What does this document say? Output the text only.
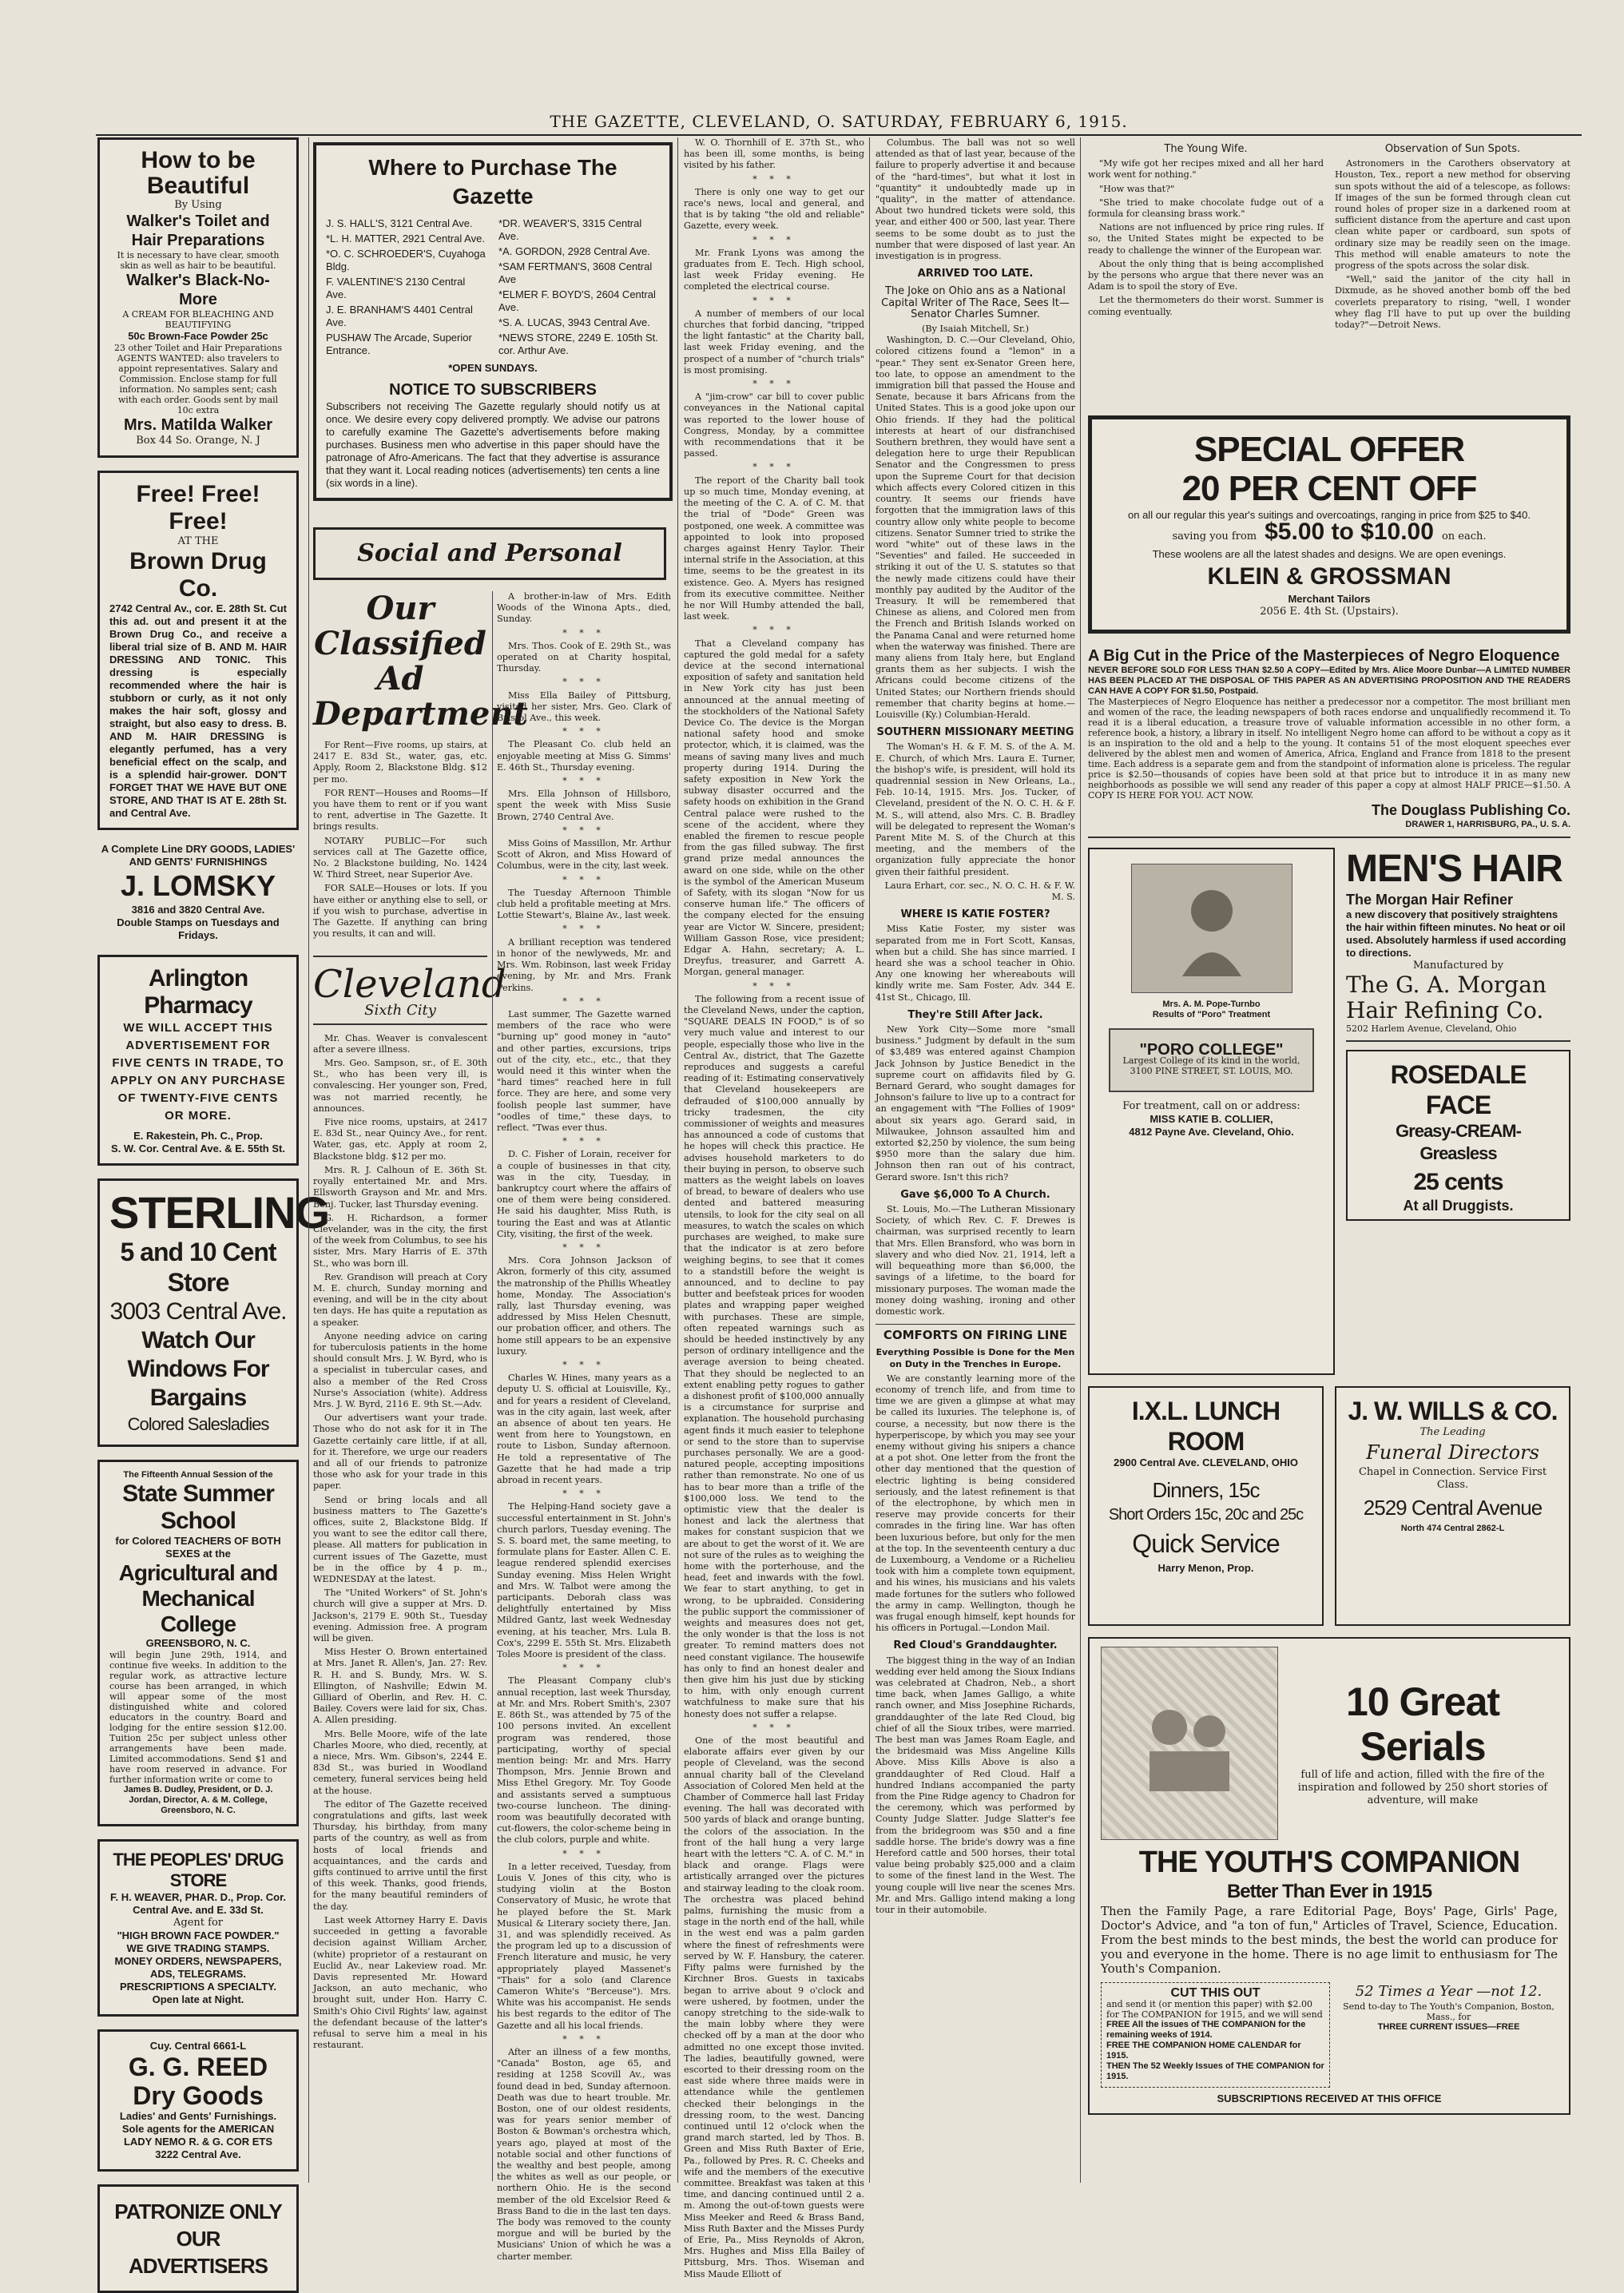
THE GAZETTE, CLEVELAND, O. SATURDAY, FEBRUARY 6, 1915.
How to be Beautiful
By Using
Walker's Toilet and Hair Preparations
It is necessary to have clear, smooth skin as well as hair to be beautiful.
Walker's Black-No-More
A CREAM FOR BLEACHING AND BEAUTIFYING
50c Brown-Face Powder 25c
23 other Toilet and Hair Preparations
AGENTS WANTED: also travelers to appoint representatives. Salary and Commission. Enclose stamp for full information. No samples sent; cash with each order. Goods sent by mail 10c extra
Mrs. Matilda Walker
Box 44 So. Orange, N. J
Free! Free! Free!
AT THE
Brown Drug Co.
2742 Central Av., cor. E. 28th St. Cut this ad. out and present it at the Brown Drug Co., and receive a liberal trial size of B. AND M. HAIR DRESSING AND TONIC. This dressing is especially recommended where the hair is stubborn or curly, as it not only makes the hair soft, glossy and straight, but also easy to dress. B. AND M. HAIR DRESSING is elegantly perfumed, has a very beneficial effect on the scalp, and is a splendid hair-grower. DON'T FORGET THAT WE HAVE BUT ONE STORE, AND THAT IS AT E. 28th St. and Central Ave.
A Complete Line DRY GOODS, LADIES' AND GENTS' FURNISHINGS
J. LOMSKY
3816 and 3820 Central Ave.
Double Stamps on Tuesdays and Fridays.
Arlington Pharmacy
WE WILL ACCEPT THIS ADVERTISEMENT FOR FIVE CENTS IN TRADE, TO APPLY ON ANY PURCHASE OF TWENTY-FIVE CENTS OR MORE.
E. Rakestein, Ph. C., Prop.
S. W. Cor. Central Ave. & E. 55th St.
STERLING
5 and 10 Cent Store
3003 Central Ave.
Watch Our Windows For Bargains
Colored Salesladies
The Fifteenth Annual Session of the
State Summer School
for Colored TEACHERS OF BOTH SEXES at the
Agricultural and Mechanical College
GREENSBORO, N. C.
will begin June 29th, 1914, and continue five weeks. In addition to the regular work, as attractive lecture course has been arranged, in which will appear some of the most distinguished white and colored educators in the country. Board and lodging for the entire session $12.00. Tuition 25c per subject unless other arrangements have been made. Limited accommodations. Send $1 and have room reserved in advance. For further information write or come to
James B. Dudley, President, or D. J. Jordan, Director, A. & M. College, Greensboro, N. C.
THE PEOPLES' DRUG STORE
F. H. WEAVER, PHAR. D., Prop. Cor. Central Ave. and E. 33d St.
Agent for
"HIGH BROWN FACE POWDER." WE GIVE TRADING STAMPS. MONEY ORDERS, NEWSPAPERS, ADS, TELEGRAMS. PRESCRIPTIONS A SPECIALTY. Open late at Night.
Cuy. Central 6661-L
G. G. REED Dry Goods
Ladies' and Gents' Furnishings. Sole agents for the AMERICAN LADY NEMO R. & G. COR ETS
3222 Central Ave.
PATRONIZE ONLY OUR ADVERTISERS
Where to Purchase The Gazette
J. S. HALL'S, 3121 Central Ave.
*L. H. MATTER, 2921 Central Ave.
*O. C. SCHROEDER'S, Cuyahoga Bldg.
F. VALENTINE'S 2130 Central Ave.
J. E. BRANHAM'S 4401 Central Ave.
PUSHAW The Arcade, Superior Entrance.
*DR. WEAVER'S, 3315 Central Ave.
*A. GORDON, 2928 Central Ave.
*SAM FERTMAN'S, 3608 Central Ave
*ELMER F. BOYD'S, 2604 Central Ave.
*S. A. LUCAS, 3943 Central Ave.
*NEWS STORE, 2249 E. 105th St. cor. Arthur Ave.
*OPEN SUNDAYS.
NOTICE TO SUBSCRIBERS
Subscribers not receiving The Gazette regularly should notify us at once. We desire every copy delivered promptly. We advise our patrons to carefully examine The Gazette's advertisements before making purchases. Business men who advertise in this paper should have the patronage of Afro-Americans. The fact that they advertise is assurance that they want it. Local reading notices (advertisements) ten cents a line (six words in a line).
Social and Personal
Our Classified Ad Department
For Rent—Five rooms, up stairs, at 2417 E. 83d St., water, gas, etc. Apply, Room 2, Blackstone Bldg. $12 per mo.
FOR RENT—Houses and Rooms—If you have them to rent or if you want to rent, advertise in The Gazette. It brings results.
NOTARY PUBLIC—For such services call at The Gazette office, No. 2 Blackstone building, No. 1424 W. Third Street, near Superior Ave.
FOR SALE—Houses or lots. If you have either or anything else to sell, or if you wish to purchase, advertise in The Gazette. If anything can bring you results, it can and will.
Cleveland
Sixth City
Mr. Chas. Weaver is convalescent after a severe illness.
Mrs. Geo. Sampson, sr., of E. 30th St., who has been very ill, is convalescing. Her younger son, Fred, was not married recently, he announces.
Five nice rooms, upstairs, at 2417 E. 83d St., near Quincy Ave., for rent. Water, gas, etc. Apply at room 2, Blackstone bldg. $12 per mo.
Mrs. R. J. Calhoun of E. 36th St. royally entertained Mr. and Mrs. Ellsworth Grayson and Mr. and Mrs. Benj. Tucker, last Thursday evening.
G. H. Richardson, a former Clevelander, was in the city, the first of the week from Columbus, to see his sister, Mrs. Mary Harris of E. 37th St., who was born ill.
Rev. Grandison will preach at Cory M. E. church, Sunday morning and evening, and will be in the city about ten days. He has quite a reputation as a speaker.
Anyone needing advice on caring for tuberculosis patients in the home should consult Mrs. J. W. Byrd, who is a specialist in tubercular cases, and also a member of the Red Cross Nurse's Association (white). Address Mrs. J. W. Byrd, 2116 E. 9th St.—Adv.
Our advertisers want your trade. Those who do not ask for it in The Gazette certainly care little, if at all, for it. Therefore, we urge our readers and all of our friends to patronize those who ask for your trade in this paper.
Send or bring locals and all business matters to The Gazette's offices, suite 2, Blackstone Bldg. If you want to see the editor call there, please. All matters for publication in current issues of The Gazette, must be in the office by 4 p. m., WEDNESDAY at the latest.
The "United Workers" of St. John's church will give a supper at Mrs. D. Jackson's, 2179 E. 90th St., Tuesday evening. Admission free. A program will be given.
Miss Hester O. Brown entertained at Mrs. Janet R. Allen's, Jan. 27: Rev. R. H. and S. Bundy, Mrs. W. S. Ellington, of Nashville; Edwin M. Gilliard of Oberlin, and Rev. H. C. Bailey. Covers were laid for six, Chas. A. Allen presiding.
Mrs. Belle Moore, wife of the late Charles Moore, who died, recently, at a niece, Mrs. Wm. Gibson's, 2244 E. 83d St., was buried in Woodland cemetery, funeral services being held at the house.
The editor of The Gazette received congratulations and gifts, last week Thursday, his birthday, from many parts of the country, as well as from hosts of local friends and acquaintances, and the cards and gifts continued to arrive until the first of this week. Thanks, good friends, for the many beautiful reminders of the day.
Last week Attorney Harry E. Davis succeeded in getting a favorable decision against William Archer, (white) proprietor of a restaurant on Euclid Av., near Lakeview road. Mr. Davis represented Mr. Howard Jackson, an auto mechanic, who brought suit, under Hon. Harry C. Smith's Ohio Civil Rights' law, against the defendant because of the latter's refusal to serve him a meal in his restaurant.
A brother-in-law of Mrs. Edith Woods of the Winona Apts., died, Sunday.
* * *
Mrs. Thos. Cook of E. 29th St., was operated on at Charity hospital, Thursday.
* * *
Miss Ella Bailey of Pittsburg, visited her sister, Mrs. Geo. Clark of Bristol Ave., this week.
* * *
The Pleasant Co. club held an enjoyable meeting at Miss G. Simms' E. 46th St., Thursday evening.
* * *
Mrs. Ella Johnson of Hillsboro, spent the week with Miss Susie Brown, 2740 Central Ave.
* * *
Miss Goins of Massillon, Mr. Arthur Scott of Akron, and Miss Howard of Columbus, were in the city, last week.
* * *
The Tuesday Afternoon Thimble club held a profitable meeting at Mrs. Lottie Stewart's, Blaine Av., last week.
* * *
A brilliant reception was tendered in honor of the newlyweds, Mr. and Mrs. Wm. Robinson, last week Friday evening, by Mr. and Mrs. Frank Perkins.
* * *
Last summer, The Gazette warned members of the race who were "burning up" good money in "auto" and other parties, excursions, trips out of the city, etc., etc., that they would need it this winter when the "hard times" reached here in full force. They are here, and some very foolish people last summer, have "oodles of time," these days, to reflect. "Twas ever thus.
* * *
D. C. Fisher of Lorain, receiver for a couple of businesses in that city, was in the city, Tuesday, in bankruptcy court where the affairs of one of them were being considered. He said his daughter, Miss Ruth, is touring the East and was at Atlantic City, visiting, the first of the week.
* * *
Mrs. Cora Johnson Jackson of Akron, formerly of this city, assumed the matronship of the Phillis Wheatley home, Monday. The Association's rally, last Thursday evening, was addressed by Miss Helen Chesnutt, our probation officer, and others. The home still appears to be an expensive luxury.
* * *
Charles W. Hines, many years as a deputy U. S. official at Louisville, Ky., and for years a resident of Cleveland, was in the city again, last week, after an absence of about ten years. He went from here to Youngstown, en route to Lisbon, Sunday afternoon. He told a representative of The Gazette that he had made a trip abroad in recent years.
* * *
The Helping-Hand society gave a successful entertainment in St. John's church parlors, Tuesday evening. The S. S. board met, the same meeting, to formulate plans for Easter. Allen C. E. league rendered splendid exercises Sunday evening. Miss Helen Wright and Mrs. W. Talbot were among the participants. Deborah class was delightfully entertained by Miss Mildred Gantz, last week Wednesday evening, at his teacher, Mrs. Lula B. Cox's, 2299 E. 55th St. Mrs. Elizabeth Toles Moore is president of the class.
* * *
The Pleasant Company club's annual reception, last week Thursday, at Mr. and Mrs. Robert Smith's, 2307 E. 86th St., was attended by 75 of the 100 persons invited. An excellent program was rendered, those participating, worthy of special mention being: Mr. and Mrs. Harry Thompson, Mrs. Jennie Brown and Miss Ethel Gregory. Mr. Toy Goode and assistants served a sumptuous two-course luncheon. The dining-room was beautifully decorated with cut-flowers, the color-scheme being in the club colors, purple and white.
* * *
In a letter received, Tuesday, from Louis V. Jones of this city, who is studying violin at the Boston Conservatory of Music, he wrote that he played before the St. Mark Musical & Literary society there, Jan. 31, and was splendidly received. As the program led up to a discussion of French literature and music, he very appropriately played Massenet's "Thais" for a solo (and Clarence Cameron White's "Berceuse"). Mrs. White was his accompanist. He sends his best regards to the editor of The Gazette and all his local friends.
* * *
After an illness of a few months, "Canada" Boston, age 65, and residing at 1258 Scovill Av., was found dead in bed, Sunday afternoon. Death was due to heart trouble. Mr. Boston, one of our oldest residents, was for years senior member of Boston & Bowman's orchestra which, years ago, played at most of the notable social and other functions of the wealthy and best people, among the whites as well as our people, or northern Ohio. He is the second member of the old Excelsior Reed & Brass Band to die in the last ten days. The body was removed to the county morgue and will be buried by the Musicians' Union of which he was a charter member.
W. O. Thornhill of E. 37th St., who has been ill, some months, is being visited by his father.
* * *
There is only one way to get our race's news, local and general, and that is by taking "the old and reliable" Gazette, every week.
* * *
Mr. Frank Lyons was among the graduates from E. Tech. High school, last week Friday evening. He completed the electrical course.
* * *
A number of members of our local churches that forbid dancing, "tripped the light fantastic" at the Charity ball, last week Friday evening, and the prospect of a number of "church trials" is most promising.
* * *
A "jim-crow" car bill to cover public conveyances in the National capital was reported to the lower house of Congress, Monday, by a committee with recommendations that it be passed.
* * *
The report of the Charity ball took up so much time, Monday evening, at the meeting of the C. A. of C. M. that the trial of "Dode" Green was postponed, one week. A committee was appointed to look into proposed charges against Henry Taylor. Their internal strife in the Association, at this time, seems to be the greatest in its existence. Geo. A. Myers has resigned from its executive committee. Neither he nor Will Humby attended the ball, last week.
* * *
That a Cleveland company has captured the gold medal for a safety device at the second international exposition of safety and sanitation held in New York city has just been announced at the annual meeting of the stockholders of the National Safety Device Co. The device is the Morgan national safety hood and smoke protector, which, it is claimed, was the means of saving many lives and much property during 1914. During the safety exposition in New York the subway disaster occurred and the safety hoods on exhibition in the Grand Central palace were rushed to the scene of the accident, where they enabled the firemen to rescue people from the gas filled subway. The first grand prize medal announces the award on one side, while on the other is the symbol of the American Museum of Safety, with its slogan "Now for us conserve human life." The officers of the company elected for the ensuing year are Victor W. Sincere, president; William Gasson Rose, vice president; Edgar A. Hahn, secretary; A. L. Dreyfus, treasurer, and Garrett A. Morgan, general manager.
* * *
The following from a recent issue of the Cleveland News, under the caption, "SQUARE DEALS IN FOOD," is of so very much value and interest to our people, especially those who live in the Central Av., district, that The Gazette reproduces and suggests a careful reading of it: Estimating conservatively that Cleveland housekeepers are defrauded of $100,000 annually by tricky tradesmen, the city commissioner of weights and measures has announced a code of customs that he hopes will check this practice. He advises household marketers to do their buying in person, to observe such matters as the weight labels on loaves of bread, to beware of dealers who use dented and battered measuring utensils, to look for the city seal on all measures, to watch the scales on which purchases are weighed, to make sure that the indicator is at zero before weighing begins, to see that it comes to a standstill before the weight is announced, and to decline to pay butter and beefsteak prices for wooden plates and wrapping paper weighed with purchases. These are simple, often repeated warnings such as should be heeded instinctively by any person of ordinary intelligence and the average aversion to being cheated. That they should be neglected to an extent enabling petty rogues to gather a dishonest profit of $100,000 annually is a circumstance for surprise and explanation. The household purchasing agent finds it much easier to telephone or send to the store than to supervise purchases personally. We are a good-natured people, accepting impositions rather than remonstrate. No one of us has to bear more than a trifle of the $100,000 loss. We tend to the optimistic view that the dealer is honest and lack the alertness that makes for constant suspicion that we are about to get the worst of it. We are not sure of the rules as to weighing the home with the porterhouse, and the head, feet and inwards with the fowl. We fear to start anything, to get in wrong, to be upbraided. Considering the public support the commissioner of weights and measures does not get, the only wonder is that the loss is not greater. To remind matters does not need constant vigilance. The housewife has only to find an honest dealer and then give him his just due by sticking to him, with only enough current watchfulness to make sure that his honesty does not suffer a relapse.
* * *
One of the most beautiful and elaborate affairs ever given by our people of Cleveland, was the second annual charity ball of the Cleveland Association of Colored Men held at the Chamber of Commerce hall last Friday evening. The hall was decorated with 500 yards of black and orange bunting, the colors of the association. In the front of the hall hung a very large heart with the letters "C. A. of C. M." in black and orange. Flags were artistically arranged over the pictures and stairway leading to the cloak room. The orchestra was placed behind palms, furnishing the music from a stage in the north end of the hall, while in the west end was a palm garden where the finest of refreshments were served by W. F. Hansbury, the caterer. Fifty palms were furnished by the Kirchner Bros. Guests in taxicabs began to arrive about 9 o'clock and were ushered, by footmen, under the canopy stretching to the side-walk to the main lobby where they were checked off by a man at the door who admitted no one except those invited. The ladies, beautifully gowned, were escorted to their dressing room on the east side where three maids were in attendance while the gentlemen checked their belongings in the dressing room, to the west. Dancing continued until 12 o'clock when the grand march started, led by Thos. B. Green and Miss Ruth Baxter of Erie, Pa., followed by Pres. R. C. Cheeks and wife and the members of the executive committee. Breakfast was taken at this time, and dancing continued until 2 a. m. Among the out-of-town guests were Miss Meeker and Reed & Brass Band, Miss Ruth Baxter and the Misses Purdy of Erie, Pa., Miss Reynolds of Akron, Mrs. Hughes and Miss Ella Bailey of Pittsburg, Mrs. Thos. Wiseman and Miss Maude Elliott of
Columbus. The ball was not so well attended as that of last year, because of the failure to properly advertise it and because of the "hard-times", but what it lost in "quantity" it undoubtedly made up in "quality", in the matter of attendance. About two hundred tickets were sold, this year, and either 400 or 500, last year. There seems to be some doubt as to just the number that were disposed of last year. An investigation is in progress.
ARRIVED TOO LATE.
The Joke on Ohio ans as a National Capital Writer of The Race, Sees It—Senator Charles Sumner.
(By Isaiah Mitchell, Sr.)
Washington, D. C.—Our Cleveland, Ohio, colored citizens found a "lemon" in a "pear." They sent ex-Senator Green here, too late, to oppose an amendment to the immigration bill that passed the House and Senate, because it bars Africans from the United States. This is a good joke upon our Ohio friends. If they had the political interests at heart of our disfranchised Southern brethren, they would have sent a delegation here to urge their Republican Senator and the Congressmen to press upon the Supreme Court for that decision which affects every Colored citizen in this country. It seems our friends have forgotten that the immigration laws of this country allow only white people to become citizens. Senator Sumner tried to strike the word "white" out of these laws in the "Seventies" and failed. He succeeded in striking it out of the U. S. statutes so that the newly made citizens could have their monthly pay audited by the Auditor of the Treasury. It will be remembered that Chinese as aliens, and Colored men from the French and British Islands worked on the Panama Canal and were returned home when the waterway was finished. There are many aliens from Italy here, but England grants them as her subjects. I wish the Africans could become citizens of the United States; our Northern friends should remember that charity begins at home.—Louisville (Ky.) Columbian-Herald.
SOUTHERN MISSIONARY MEETING
The Woman's H. & F. M. S. of the A. M. E. Church, of which Mrs. Laura E. Turner, the bishop's wife, is president, will hold its quadrennial session in New Orleans, La., Feb. 10-14, 1915. Mrs. Jos. Tucker, of Cleveland, president of the N. O. C. H. & F. M. S., will attend, also Mrs. C. B. Bradley will be delegated to represent the Woman's Parent Mite M. S. of the Church at this meeting, and the members of the organization fully appreciate the honor given their faithful president.
Laura Erhart, cor. sec., N. O. C. H. & F. W. M. S.
WHERE IS KATIE FOSTER?
Miss Katie Foster, my sister was separated from me in Fort Scott, Kansas, when but a child. She has since married. I heard she was a school teacher in Ohio. Any one knowing her whereabouts will kindly write me. Sam Foster, Adv. 344 E. 41st St., Chicago, Ill.
They're Still After Jack.
New York City—Some more "small business." Judgment by default in the sum of $3,489 was entered against Champion Jack Johnson by Justice Benedict in the supreme court on affidavits filed by G. Bernard Gerard, who sought damages for Johnson's failure to live up to a contract for an engagement with "The Follies of 1909" about six years ago. Gerard said, in Milwaukee, Johnson assaulted him and extorted $2,250 by violence, the sum being $950 more than the salary due him. Johnson then ran out of his contract, Gerard swore. Isn't this rich?
Gave $6,000 To A Church.
St. Louis, Mo.—The Lutheran Missionary Society, of which Rev. C. F. Drewes is chairman, was surprised recently to learn that Mrs. Ellen Bransford, who was born in slavery and who died Nov. 21, 1914, left a will bequeathing more than $6,000, the savings of a lifetime, to the board for missionary purposes. The woman made the money doing washing, ironing and other domestic work.
COMFORTS ON FIRING LINE
Everything Possible is Done for the Men on Duty in the Trenches in Europe.
We are constantly learning more of the economy of trench life, and from time to time we are given a glimpse at what may be called its luxuries. The telephone is, of course, a necessity, but now there is the hyperperiscope, by which you may see your enemy without giving his snipers a chance at a pot shot. One letter from the front the other day mentioned that the question of electric lighting is being considered seriously, and the latest refinement is that of the electrophone, by which men in reserve may provide concerts for their comrades in the firing line. War has often been luxurious before, but only for the men at the top. In the seventeenth century a duc de Luxembourg, a Vendome or a Richelieu took with him a complete town equipment, and his wines, his musicians and his valets made fortunes for the sutlers who followed the army in camp. Wellington, though he was frugal enough himself, kept hounds for his officers in Portugal.—London Mail.
Red Cloud's Granddaughter.
The biggest thing in the way of an Indian wedding ever held among the Sioux Indians was celebrated at Chadron, Neb., a short time back, when James Galligo, a white ranch owner, and Miss Josephine Richards, granddaughter of the late Red Cloud, big chief of all the Sioux tribes, were married. The best man was James Roam Eagle, and the bridesmaid was Miss Angeline Kills Above. Miss Kills Above is also a granddaughter of Red Cloud. Half a hundred Indians accompanied the party from the Pine Ridge agency to Chadron for the ceremony, which was performed by County Judge Slatter. Judge Slatter's fee from the bridegroom was $50 and a fine saddle horse. The bride's dowry was a fine Hereford cattle and 500 horses, their total value being probably $25,000 and a claim to some of the finest land in the West. The young couple will live near the scenes Mrs. Mr. and Mrs. Galligo intend making a long tour in their automobile.
The Young Wife.
"My wife got her recipes mixed and all her hard work went for nothing."
"How was that?"
"She tried to make chocolate fudge out of a formula for cleansing brass work."
Nations are not influenced by price ring rules. If so, the United States might be expected to be ready to challenge the winner of the European war.
About the only thing that is being accomplished by the persons who argue that there never was an Adam is to spoil the story of Eve.
Let the thermometers do their worst. Summer is coming eventually.
Observation of Sun Spots.
Astronomers in the Carothers observatory at Houston, Tex., report a new method for observing sun spots without the aid of a telescope, as follows: If images of the sun be formed through clean cut round holes of proper size in a darkened room at sufficient distance from the aperture and cast upon clean white paper or cardboard, sun spots of ordinary size may be readily seen on the image. This method will enable amateurs to note the progress of the spots across the solar disk.
"Well," said the janitor of the city hall in Dixmude, as he shoved another bomb off the bed coverlets preparatory to rising, "well, I wonder whey flag I'll have to put up over the building today?"—Detroit News.
SPECIAL OFFER
20 PER CENT OFF
on all our regular this year's suitings and overcoatings, ranging in price from $25 to $40.
saving you from $5.00 to $10.00 on each.
These woolens are all the latest shades and designs. We are open evenings.
KLEIN & GROSSMAN
Merchant Tailors
2056 E. 4th St. (Upstairs).
A Big Cut in the Price of the Masterpieces of Negro Eloquence
NEVER BEFORE SOLD FOR LESS THAN $2.50 A COPY—Edited by Mrs. Alice Moore Dunbar—A LIMITED NUMBER HAS BEEN PLACED AT THE DISPOSAL OF THIS PAPER AS AN ADVERTISING PROPOSITION AND THE READERS CAN HAVE A COPY FOR $1.50, Postpaid.
The Masterpieces of Negro Eloquence has neither a predecessor nor a competitor. The most brilliant men and women of the race, the leading newspapers of both races endorse and unqualifiedly recommend it. To read it is a liberal education, a treasure trove of valuable information accessible in no other form, a reference book, a history, a library in itself. No intelligent Negro home can afford to be without a copy as it is an inspiration to the old and a help to the young. It contains 51 of the most eloquent speeches ever delivered by the ablest men and women of America, Africa, England and France from 1818 to the present time. Each address is a separate gem and from the standpoint of information alone is priceless. The regular price is $2.50—thousands of copies have been sold at that price but to introduce it in as many new neighborhoods as possible we will send any reader of this paper a copy at almost HALF PRICE—$1.50. A COPY IS HERE FOR YOU. ACT NOW.
The Douglass Publishing Co.
DRAWER 1, HARRISBURG, PA., U. S. A.
Mrs. A. M. Pope-Turnbo
Results of "Poro" Treatment
"PORO COLLEGE"
Largest College of its kind in the world, 3100 PINE STREET, ST. LOUIS, MO.
For treatment, call on or address:
MISS KATIE B. COLLIER,
4812 Payne Ave. Cleveland, Ohio.
MEN'S HAIR
The Morgan Hair Refiner
a new discovery that positively straightens the hair within fifteen minutes. No heat or oil used. Absolutely harmless if used according to directions.
Manufactured by
The G. A. Morgan Hair Refining Co.
5202 Harlem Avenue, Cleveland, Ohio
ROSEDALE
FACE
Greasy-CREAM-Greasless
25 cents
At all Druggists.
I.X.L. LUNCH ROOM
2900 Central Ave. CLEVELAND, OHIO
Dinners, 15c
Short Orders 15c, 20c and 25c
Quick Service
Harry Menon, Prop.
J. W. WILLS & CO.
The Leading
Funeral Directors
Chapel in Connection. Service First Class.
2529 Central Avenue
North 474 Central 2862-L
10 Great Serials
full of life and action, filled with the fire of the inspiration and followed by 250 short stories of adventure, will make
THE YOUTH'S COMPANION
Better Than Ever in 1915
Then the Family Page, a rare Editorial Page, Boys' Page, Girls' Page, Doctor's Advice, and "a ton of fun," Articles of Travel, Science, Education. From the best minds to the best minds, the best the world can produce for you and everyone in the home. There is no age limit to enthusiasm for The Youth's Companion.
CUT THIS OUT
and send it (or mention this paper) with $2.00 for The COMPANION for 1915, and we will send
FREE All the issues of THE COMPANION for the remaining weeks of 1914.
FREE THE COMPANION HOME CALENDAR for 1915.
THEN The 52 Weekly Issues of THE COMPANION for 1915.
52 Times a Year —not 12.
Send to-day to The Youth's Companion, Boston, Mass., for
THREE CURRENT ISSUES—FREE
SUBSCRIPTIONS RECEIVED AT THIS OFFICE
